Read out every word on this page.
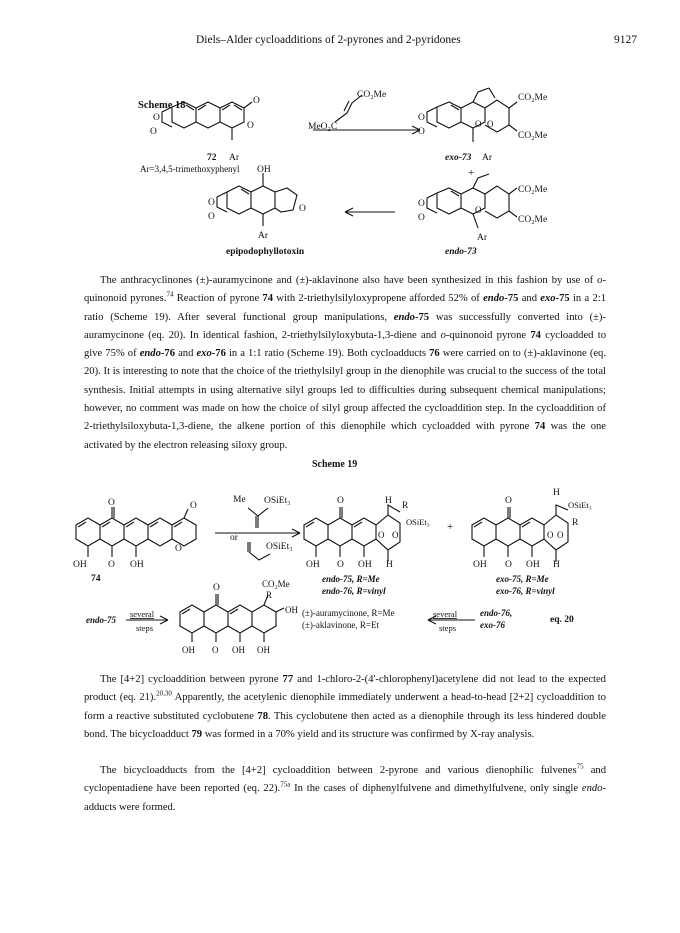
Diels–Alder cycloadditions of 2-pyrones and 2-pyridones	9127
Scheme 18
O
O
O
O
72 Ar
Ar=3,4,5-trimethoxyphenyl
CO₂Me
MeO₂C
O
O
O O
CO₂Me
CO₂Me
exo-73 Ar
+
O
O
O
CO₂Me
CO₂Me
Ar
endo-73
OH
O
O
O
Ar
epipodophyllotoxin

The anthracyclinones (±)-auramycinone and (±)-aklavinone also have been synthesized in this fashion by use of o-quinonoid pyrones.$^{74}$ Reaction of pyrone 74 with 2-triethylsilyloxypropene afforded 52% of endo-75 and exo-75 in a 2:1 ratio (Scheme 19). After several functional group manipulations, endo-75 was successfully converted into (±)-auramycinone (eq. 20). In identical fashion, 2-triethylsilyloxybuta-1,3-diene and o-quinonoid pyrone 74 cycloadded to give 75% of endo-76 and exo-76 in a 1:1 ratio (Scheme 19). Both cycloadducts 76 were carried on to (±)-aklavinone (eq. 20). It is interesting to note that the choice of the triethylsilyl group in the dienophile was crucial to the success of the total synthesis. Initial attempts in using alternative silyl groups led to difficulties during subsequent chemical manipulations; however, no comment was made on how the choice of silyl group affected the cycloaddition step. In the cycloaddition of 2-triethylsiloxybuta-1,3-diene, the alkene portion of this dienophile which cycloadded with pyrone 74 was the one activated by the electron releasing siloxy group.

Scheme 19
O	O
O
OH O OH
74
Me OSiEt₃
or
OSiEt₃
O	H R
OSiEt₃
O O
OH O OH H
+
endo-75, R=Me
endo-76, R=vinyl
O
H
OSiEt₃
R
O O
OH O OH H
exo-75, R=Me
exo-76, R=vinyl
endo-75
several
steps
O	CO₂Me
R
OH
OH O OH OH
(±)-auramycinone, R=Me
(±)-aklavinone, R=Et
several
steps
endo-76,
exo-76	eq. 20

The [4+2] cycloaddition between pyrone 77 and 1-chloro-2-(4'-chlorophenyl)acetylene did not lead to the expected product (eq. 21).$^{20,30}$ Apparently, the acetylenic dienophile immediately underwent a head-to-head [2+2] cycloaddition to form a reactive substituted cyclobutene 78. This cyclobutene then acted as a dienophile through its less hindered double bond. The bicycloadduct 79 was formed in a 70% yield and its structure was confirmed by X-ray analysis.

The bicycloadducts from the [4+2] cycloaddition between 2-pyrone and various dienophilic fulvenes$^{75}$ and cyclopentadiene have been reported (eq. 22).$^{75a}$ In the cases of diphenylfulvene and dimethylfulvene, only single endo-adducts were formed.
